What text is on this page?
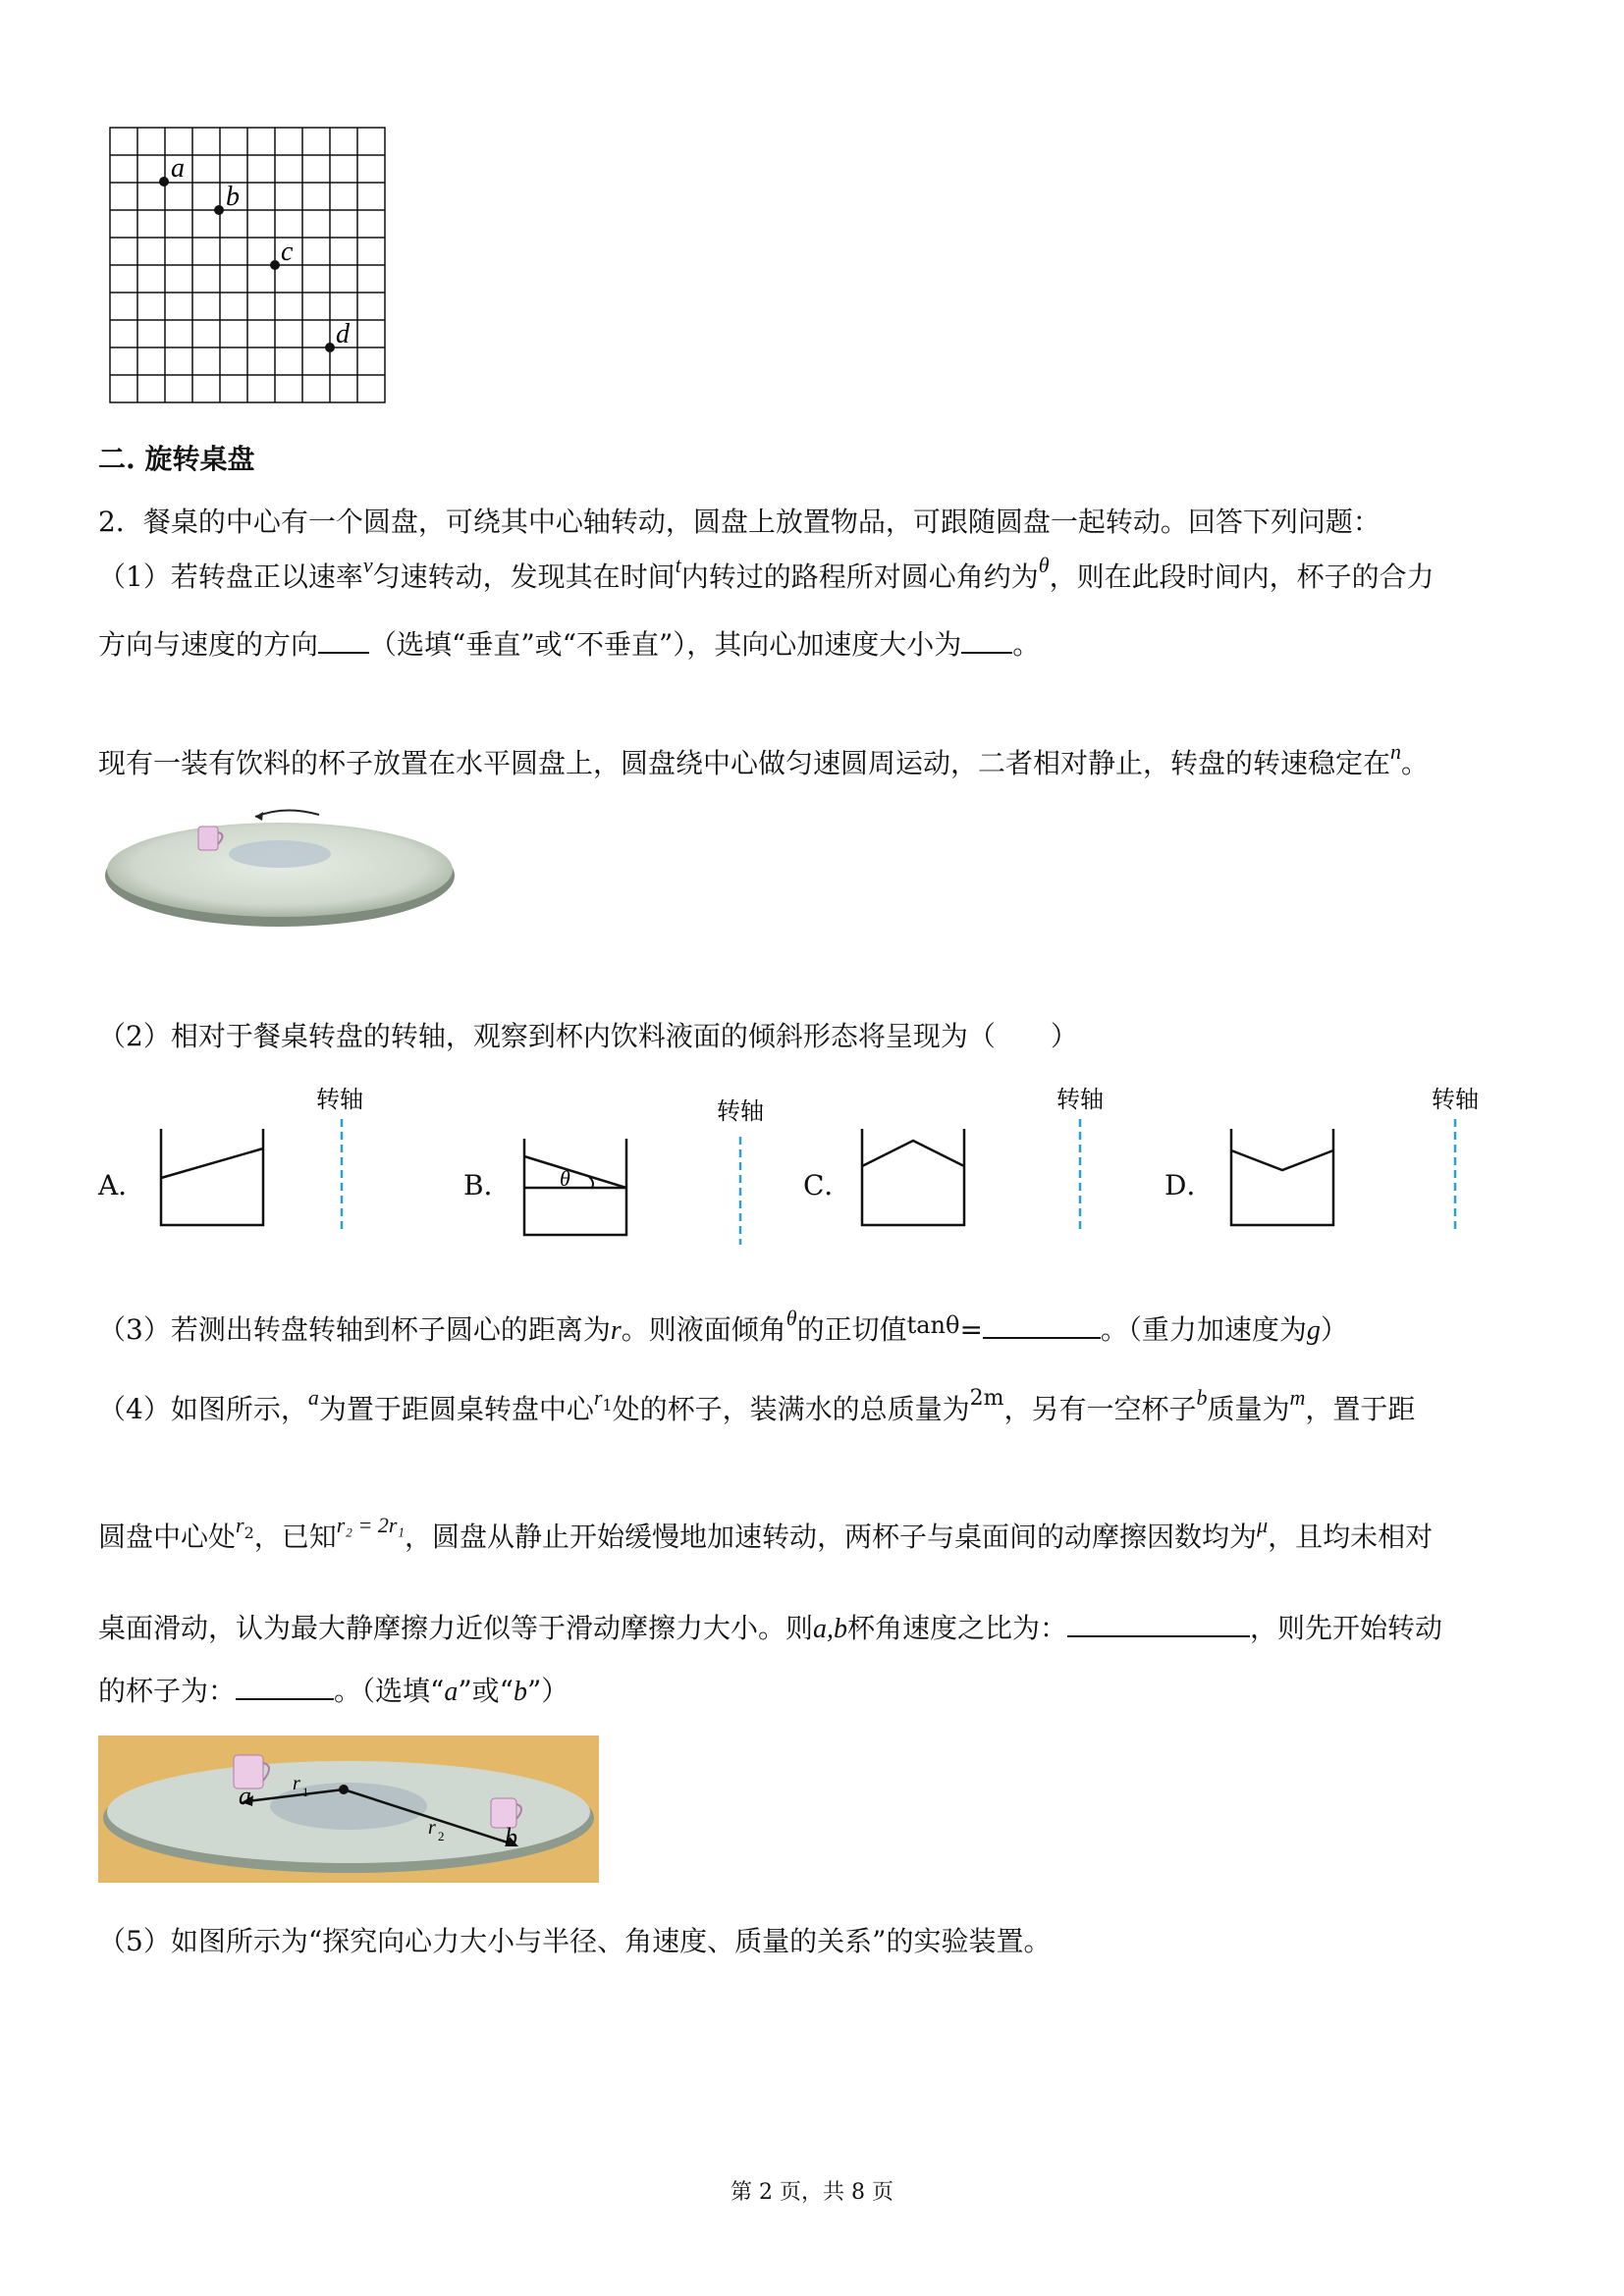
a
b
c
d
二. 旋转桌盘
2．餐桌的中心有一个圆盘，可绕其中心轴转动，圆盘上放置物品，可跟随圆盘一起转动。回答下列问题：
（1）若转盘正以速率$^v$匀速转动，发现其在时间$^t$内转过的路程所对圆心角约为$^\theta$，则在此段时间内，杯子的合力
方向与速度的方向 （选填“垂直”或“不垂直”），其向心加速度大小为 。
现有一装有饮料的杯子放置在水平圆盘上，圆盘绕中心做匀速圆周运动，二者相对静止，转盘的转速稳定在$^n$。
（2）相对于餐桌转盘的转轴，观察到杯内饮料液面的倾斜形态将呈现为（　　）
A．
转轴
B． θ
转轴
C．
转轴
D．
转轴
（3）若测出转盘转轴到杯子圆心的距离为r。则液面倾角$^\theta$的正切值tanθ=	。（重力加速度为g）
（4）如图所示，$^a$为置于距圆桌转盘中心$^{r1}$处的杯子，装满水的总质量为$^{2m}$，另有一空杯子$^b$质量为$^m$，置于距
圆盘中心处$^{r2}$，已知$^{r_2 = 2r_1}$，圆盘从静止开始缓慢地加速转动，两杯子与桌面间的动摩擦因数均为$^\mu$，且均未相对
桌面滑动，认为最大静摩擦力近似等于滑动摩擦力大小。则a,b杯角速度之比为：	，则先开始转动
的杯子为：	。（选填“a”或“b”）
a
b
r 1
r 2
（5）如图所示为“探究向心力大小与半径、角速度、质量的关系”的实验装置。
第 2 页，共 8 页
